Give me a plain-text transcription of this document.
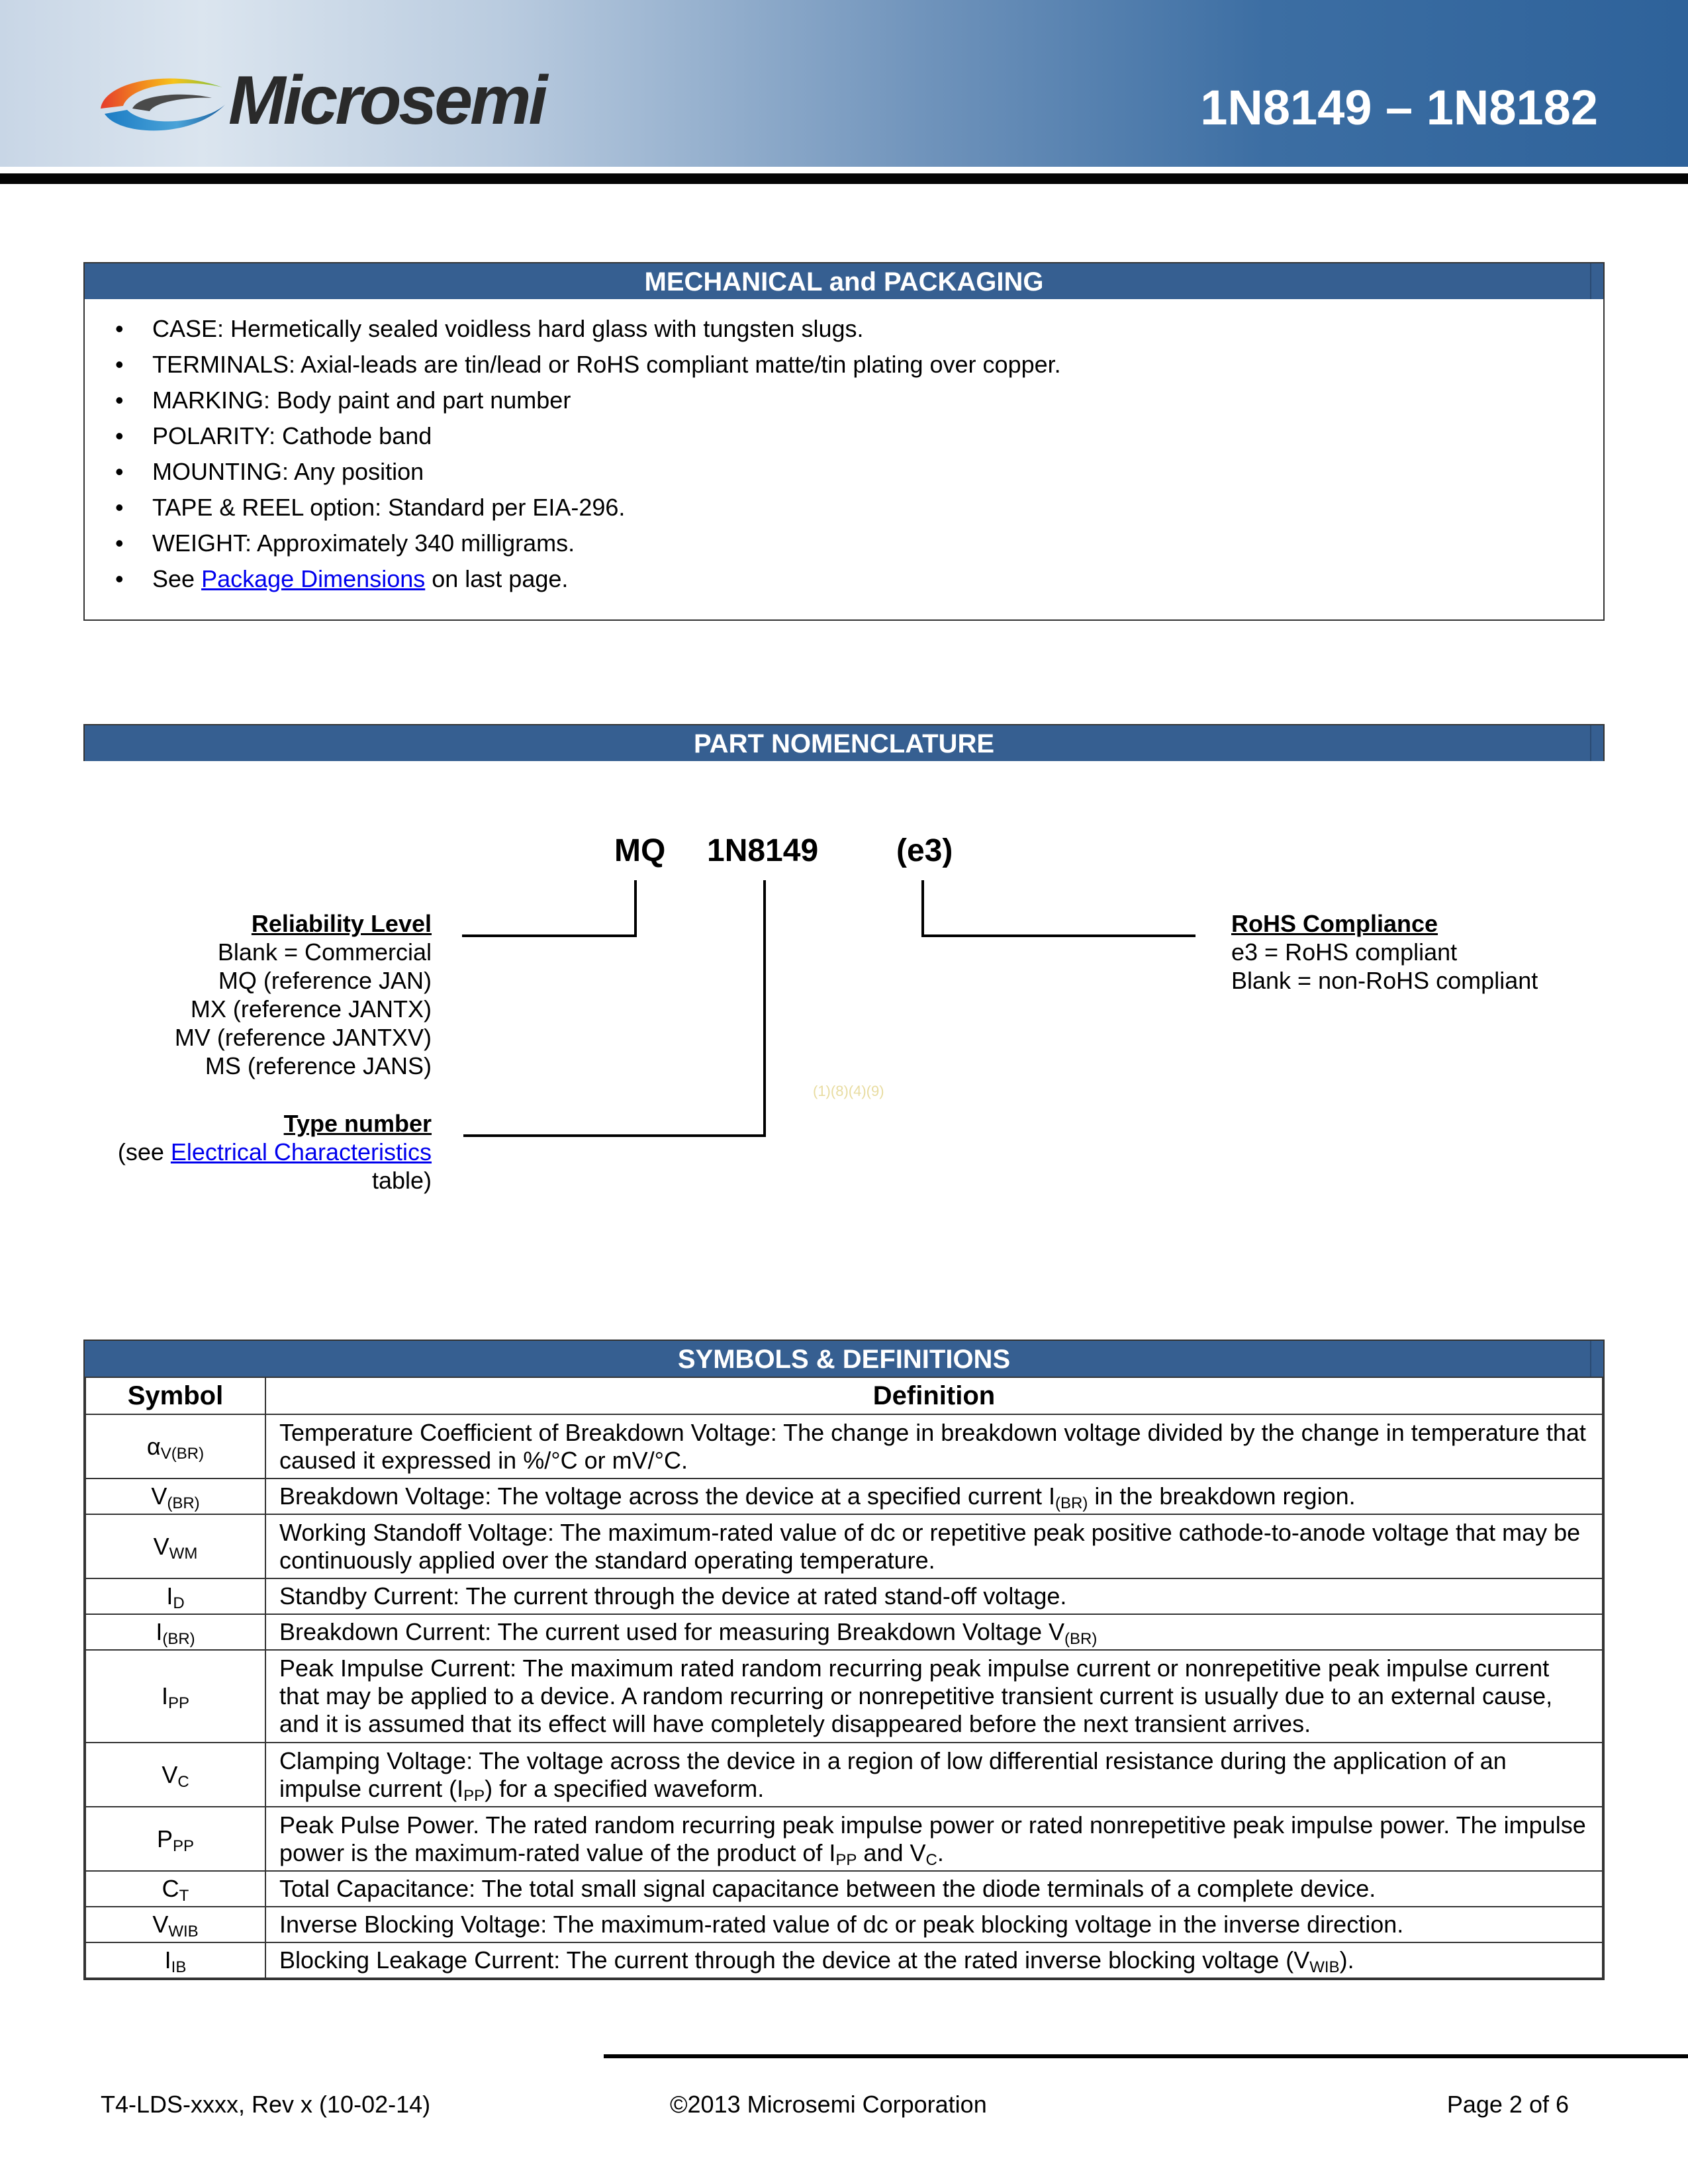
Microsemi	1N8149 – 1N8182
MECHANICAL and PACKAGING
• CASE: Hermetically sealed voidless hard glass with tungsten slugs.
• TERMINALS: Axial-leads are tin/lead or RoHS compliant matte/tin plating over copper.
• MARKING: Body paint and part number
• POLARITY: Cathode band
• MOUNTING: Any position
• TAPE & REEL option: Standard per EIA-296.
• WEIGHT: Approximately 340 milligrams.
• See Package Dimensions on last page.
PART NOMENCLATURE
MQ 1N8149 (e3)
Reliability Level
Blank = Commercial
MQ (reference JAN)
MX (reference JANTX)
MV (reference JANTXV)
MS (reference JANS)
Type number
(see Electrical Characteristics
table)
RoHS Compliance
e3 = RoHS compliant
Blank = non-RoHS compliant
(1)(8)(4)(9)
SYMBOLS & DEFINITIONS
Symbol	Definition
$\alpha_{V(BR)}$	Temperature Coefficient of Breakdown Voltage: The change in breakdown voltage divided by the change in temperature that caused it expressed in %/°C or mV/°C.
$V_{(BR)}$	Breakdown Voltage: The voltage across the device at a specified current $I_{(BR)}$ in the breakdown region.
$V_{WM}$	Working Standoff Voltage: The maximum-rated value of dc or repetitive peak positive cathode-to-anode voltage that may be continuously applied over the standard operating temperature.
$I_D$	Standby Current: The current through the device at rated stand-off voltage.
$I_{(BR)}$	Breakdown Current: The current used for measuring Breakdown Voltage $V_{(BR)}$
$I_{PP}$	Peak Impulse Current: The maximum rated random recurring peak impulse current or nonrepetitive peak impulse current that may be applied to a device. A random recurring or nonrepetitive transient current is usually due to an external cause, and it is assumed that its effect will have completely disappeared before the next transient arrives.
$V_C$	Clamping Voltage: The voltage across the device in a region of low differential resistance during the application of an impulse current $(I_{PP})$ for a specified waveform.
$P_{PP}$	Peak Pulse Power. The rated random recurring peak impulse power or rated nonrepetitive peak impulse power. The impulse power is the maximum-rated value of the product of $I_{PP}$ and $V_C$.
$C_T$	Total Capacitance: The total small signal capacitance between the diode terminals of a complete device.
$V_{WIB}$	Inverse Blocking Voltage: The maximum-rated value of dc or peak blocking voltage in the inverse direction.
$I_{IB}$	Blocking Leakage Current: The current through the device at the rated inverse blocking voltage $(V_{WIB})$.
T4-LDS-xxxx, Rev x (10-02-14)	©2013 Microsemi Corporation	Page 2 of 6
